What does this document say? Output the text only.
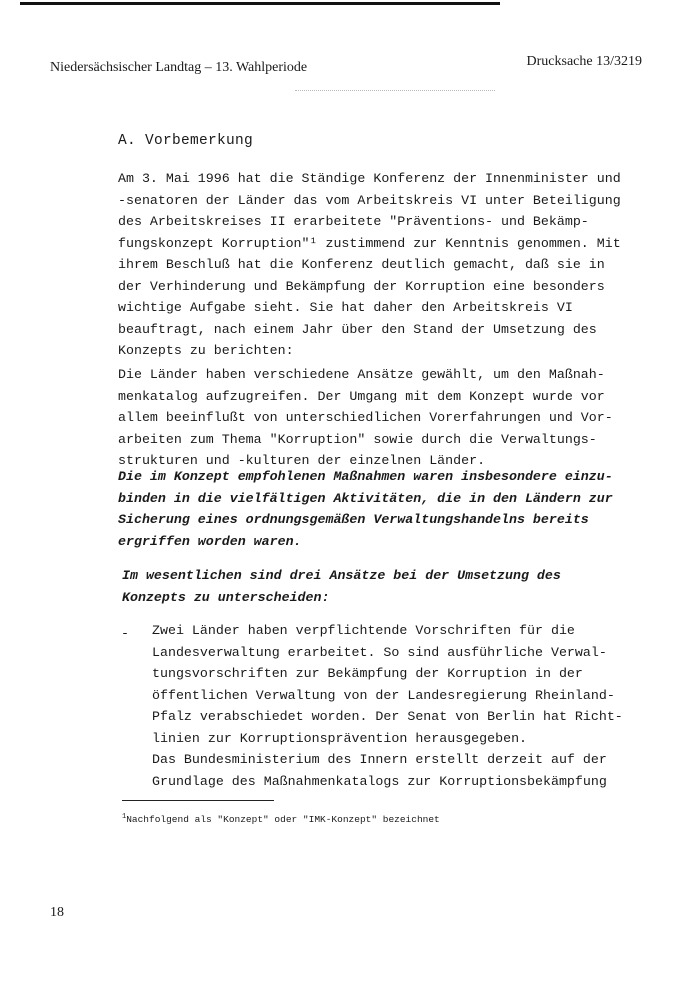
Niedersächsischer Landtag – 13. Wahlperiode	Drucksache 13/3219
A. Vorbemerkung

Am 3. Mai 1996 hat die Ständige Konferenz der Innenminister und
-senatoren der Länder das vom Arbeitskreis VI unter Beteiligung
des Arbeitskreises II erarbeitete "Präventions- und Bekämp-
fungskonzept Korruption"¹ zustimmend zur Kenntnis genommen. Mit
ihrem Beschluß hat die Konferenz deutlich gemacht, daß sie in
der Verhinderung und Bekämpfung der Korruption eine besonders
wichtige Aufgabe sieht. Sie hat daher den Arbeitskreis VI
beauftragt, nach einem Jahr über den Stand der Umsetzung des
Konzepts zu berichten:

Die Länder haben verschiedene Ansätze gewählt, um den Maßnah-
menkatalog aufzugreifen. Der Umgang mit dem Konzept wurde vor
allem beeinflußt von unterschiedlichen Vorerfahrungen und Vor-
arbeiten zum Thema "Korruption" sowie durch die Verwaltungs-
strukturen und -kulturen der einzelnen Länder.

Die im Konzept empfohlenen Maßnahmen waren insbesondere einzu-
binden in die vielfältigen Aktivitäten, die in den Ländern zur
Sicherung eines ordnungsgemäßen Verwaltungshandelns bereits
ergriffen worden waren.

Im wesentlichen sind drei Ansätze bei der Umsetzung des
Konzepts zu unterscheiden:

- Zwei Länder haben verpflichtende Vorschriften für die
Landesverwaltung erarbeitet. So sind ausführliche Verwal-
tungsvorschriften zur Bekämpfung der Korruption in der
öffentlichen Verwaltung von der Landesregierung Rheinland-
Pfalz verabschiedet worden. Der Senat von Berlin hat Richt-
linien zur Korruptionsprävention herausgegeben.
Das Bundesministerium des Innern erstellt derzeit auf der
Grundlage des Maßnahmenkatalogs zur Korruptionsbekämpfung

$^1$Nachfolgend als "Konzept" oder "IMK-Konzept" bezeichnet
18
